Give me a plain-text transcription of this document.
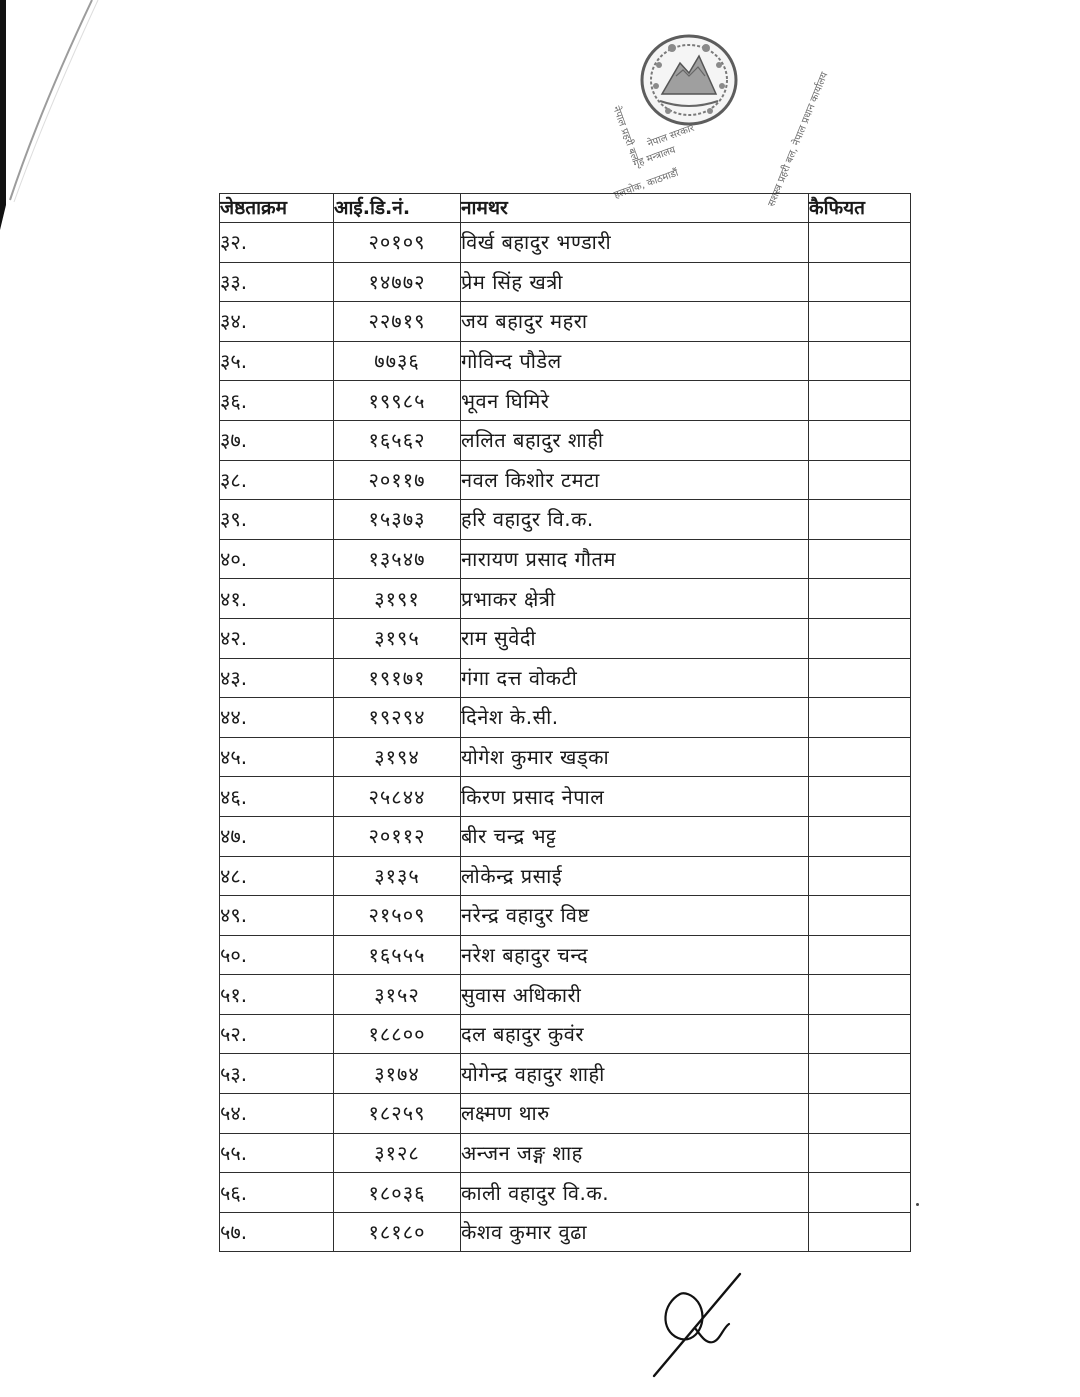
नेपाल सरकार
गृह मन्त्रालय
हलचोक, काठमाडौं
नेपाल प्रहरी बल	सशस्त्र प्रहरी बल, नेपाल प्रधान कार्यालय
जेष्ठताक्रम	आई.डि.नं.	नामथर	कैफियत
३२.	२०१०९	विर्ख बहादुर भण्डारी	
३३.	१४७७२	प्रेम सिंह खत्री	
३४.	२२७१९	जय बहादुर महरा	
३५.	७७३६	गोविन्द पौडेल	
३६.	१९९८५	भूवन घिमिरे	
३७.	१६५६२	ललित बहादुर शाही	
३८.	२०११७	नवल किशोर टमटा	
३९.	१५३७३	हरि वहादुर वि.क.	
४०.	१३५४७	नारायण प्रसाद गौतम	
४१.	३१९१	प्रभाकर क्षेत्री	
४२.	३१९५	राम सुवेदी	
४३.	१९१७१	गंगा दत्त वोकटी	
४४.	१९२९४	दिनेश के.सी.	
४५.	३१९४	योगेश कुमार खड्का	
४६.	२५८४४	किरण प्रसाद नेपाल	
४७.	२०११२	बीर चन्द्र भट्ट	
४८.	३१३५	लोकेन्द्र प्रसाई	
४९.	२१५०९	नरेन्द्र वहादुर विष्ट	
५०.	१६५५५	नरेश बहादुर चन्द	
५१.	३१५२	सुवास अधिकारी	
५२.	१८८००	दल बहादुर कुवंर	
५३.	३१७४	योगेन्द्र वहादुर शाही	
५४.	१८२५९	लक्ष्मण थारु	
५५.	३१२८	अन्जन जङ्ग शाह	
५६.	१८०३६	काली वहादुर वि.क.	
५७.	१८१८०	केशव कुमार वुढा	
